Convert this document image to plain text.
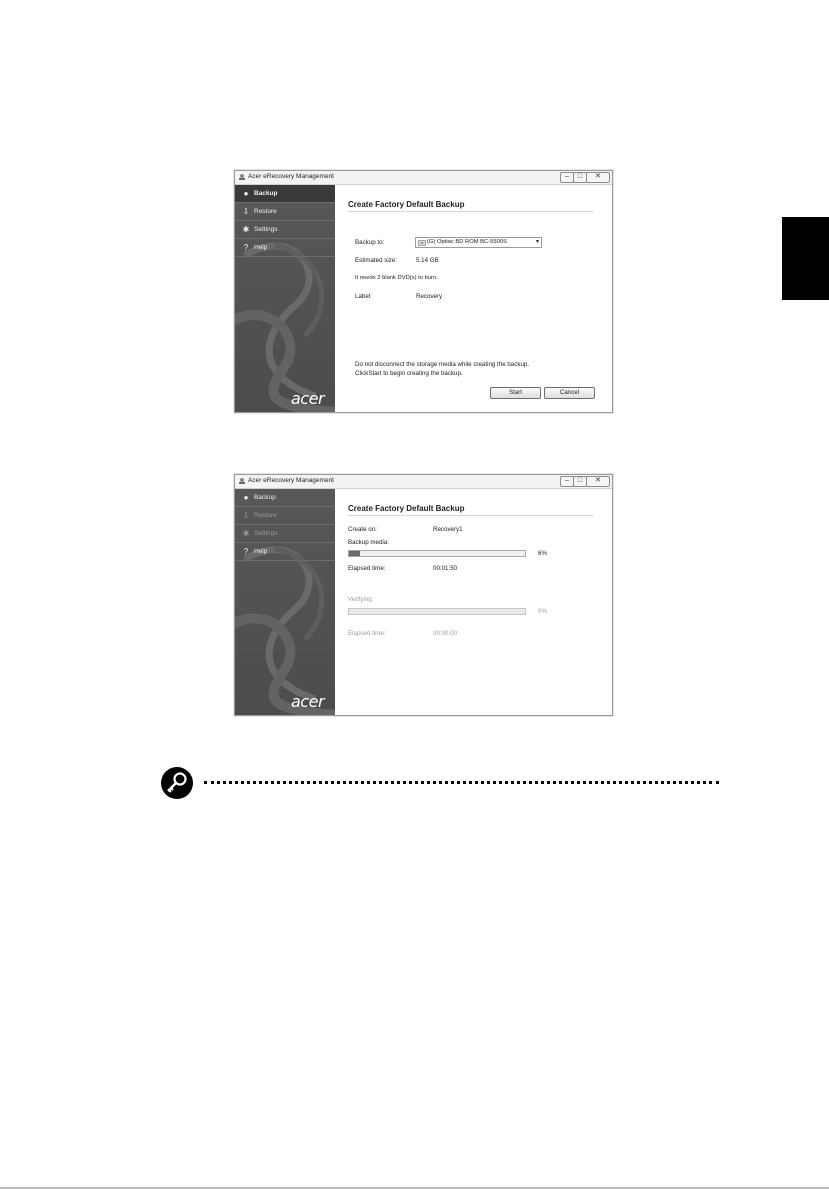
Acer eRecovery Management	–	□	✕
● Backup
⇩ Restore
✱ Settings
? Help
acer
Create Factory Default Backup
Backup to:	(G) Optiac BD ROM BC-5500S	▾
Estimated size:	5.14 GB
It needs 2 blank DVD(s) to burn.
Label:	Recovery
Do not disconnect the storage media while creating the backup.
ClickStart to begin creating the backup.
Start	Cancel
Acer eRecovery Management	–	□	✕
● Backup
⇩ Restore
✱ Settings
? Help
acer
Create Factory Default Backup
Create on:	Recovery1
Backup media:
6%
Elapsed time:	00:01:50
Verifying:
0%
Elapsed time:	00:00:00
